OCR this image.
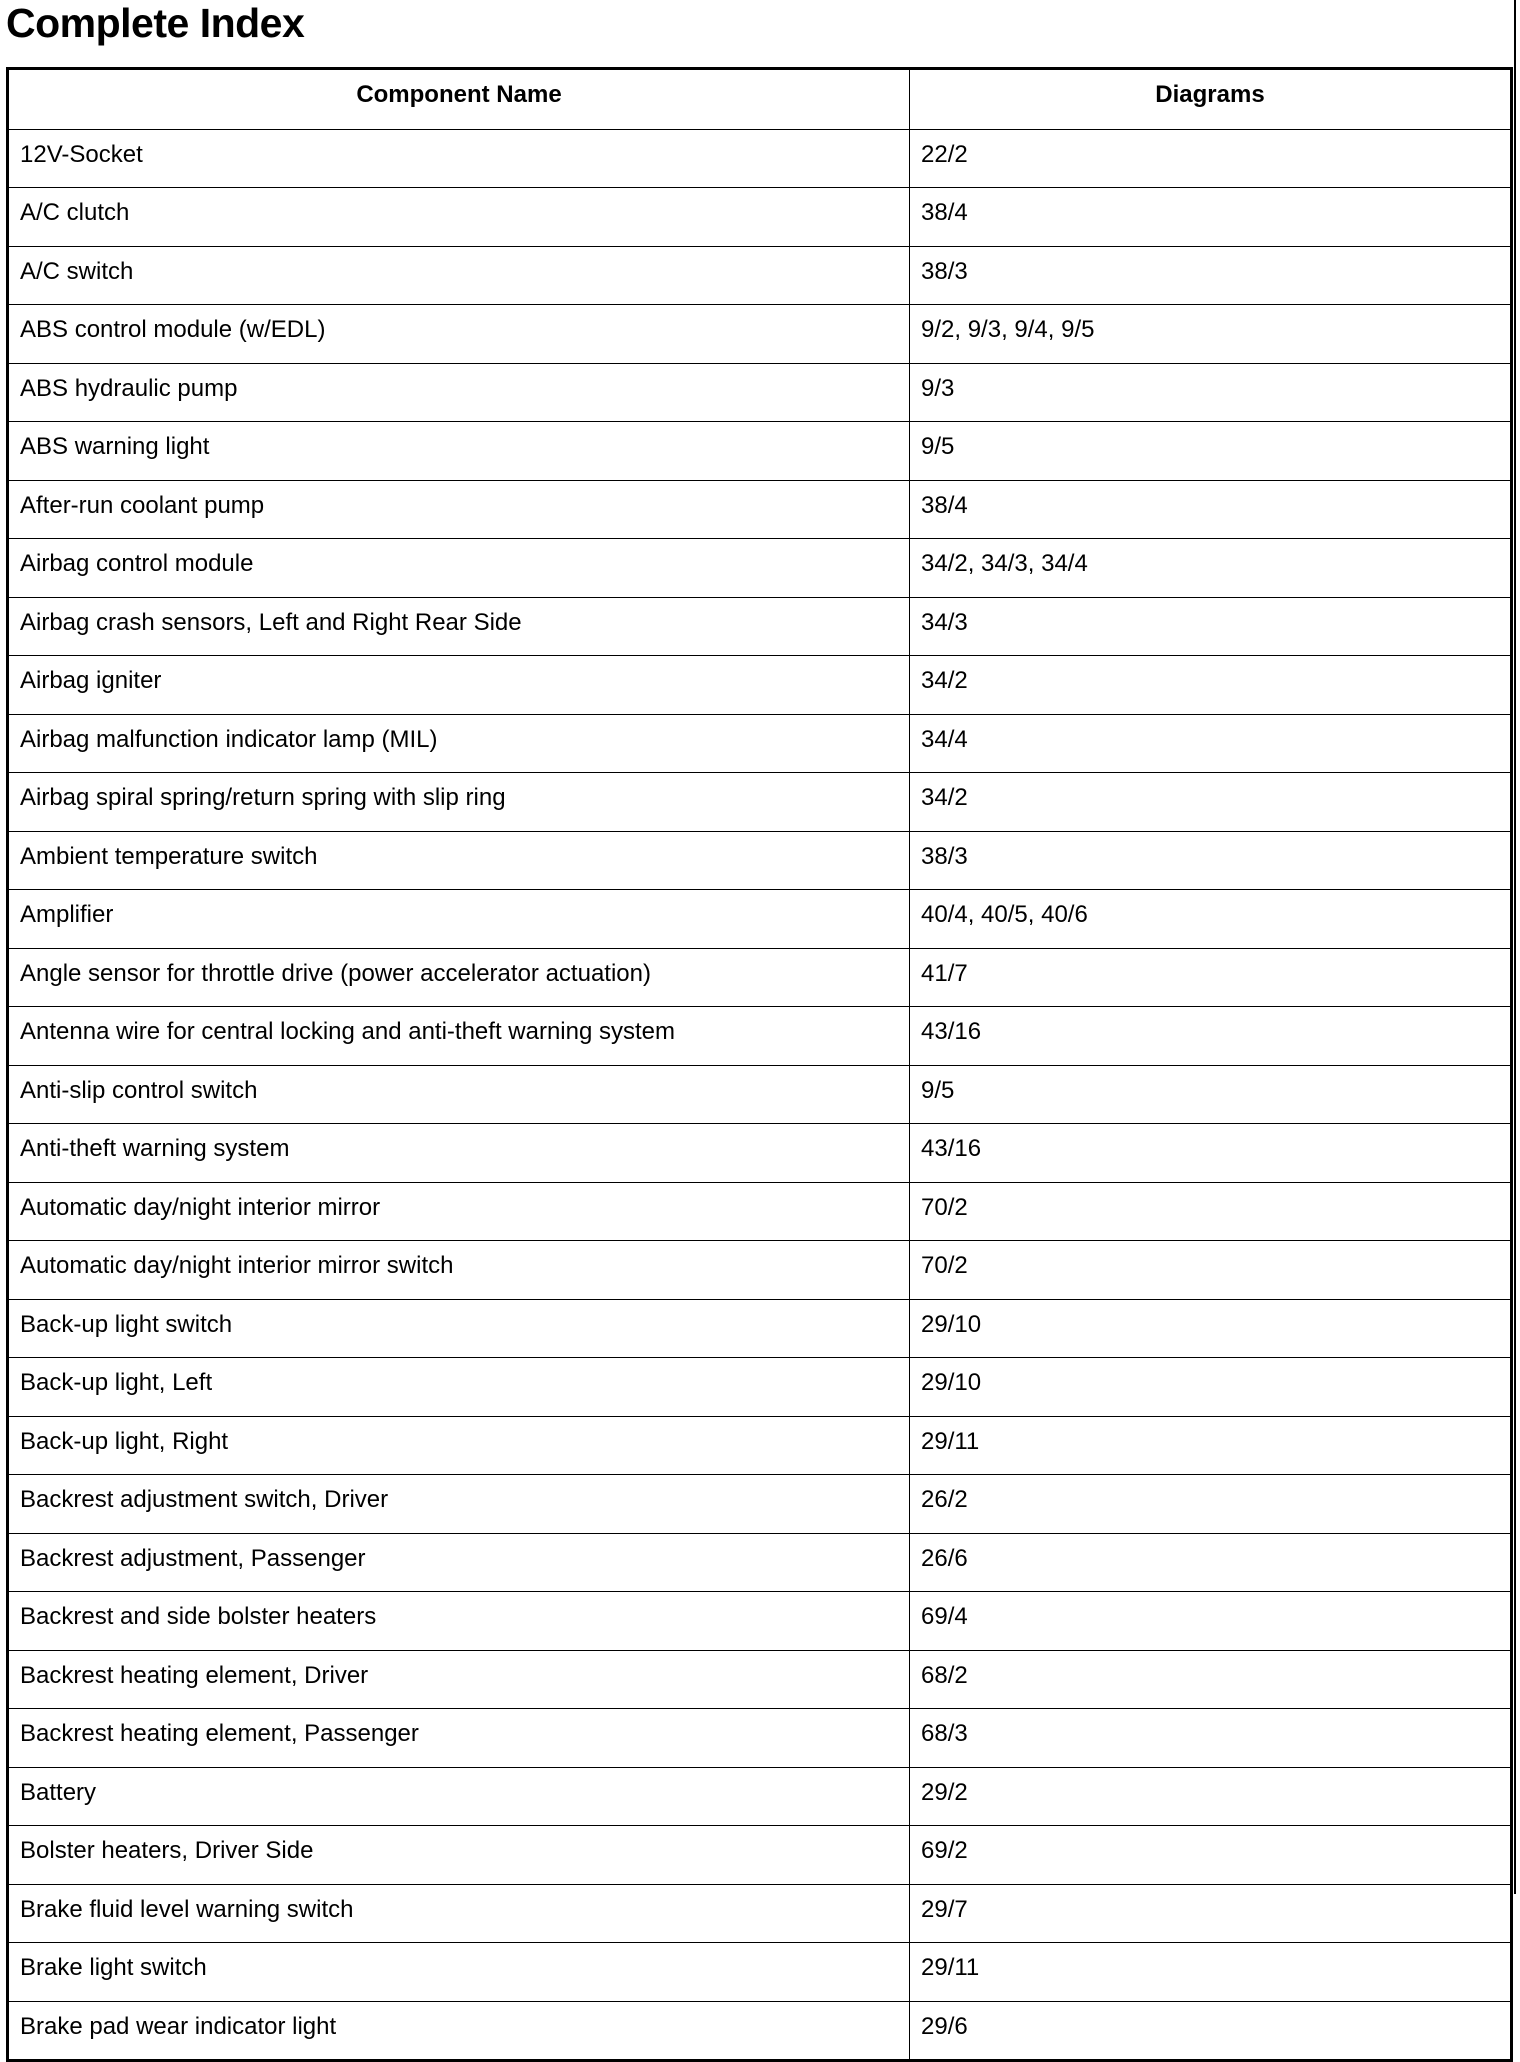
Complete Index
Component Name	Diagrams
12V-Socket	22/2
A/C clutch	38/4
A/C switch	38/3
ABS control module (w/EDL)	9/2, 9/3, 9/4, 9/5
ABS hydraulic pump	9/3
ABS warning light	9/5
After-run coolant pump	38/4
Airbag control module	34/2, 34/3, 34/4
Airbag crash sensors, Left and Right Rear Side	34/3
Airbag igniter	34/2
Airbag malfunction indicator lamp (MIL)	34/4
Airbag spiral spring/return spring with slip ring	34/2
Ambient temperature switch	38/3
Amplifier	40/4, 40/5, 40/6
Angle sensor for throttle drive (power accelerator actuation)	41/7
Antenna wire for central locking and anti-theft warning system	43/16
Anti-slip control switch	9/5
Anti-theft warning system	43/16
Automatic day/night interior mirror	70/2
Automatic day/night interior mirror switch	70/2
Back-up light switch	29/10
Back-up light, Left	29/10
Back-up light, Right	29/11
Backrest adjustment switch, Driver	26/2
Backrest adjustment, Passenger	26/6
Backrest and side bolster heaters	69/4
Backrest heating element, Driver	68/2
Backrest heating element, Passenger	68/3
Battery	29/2
Bolster heaters, Driver Side	69/2
Brake fluid level warning switch	29/7
Brake light switch	29/11
Brake pad wear indicator light	29/6
